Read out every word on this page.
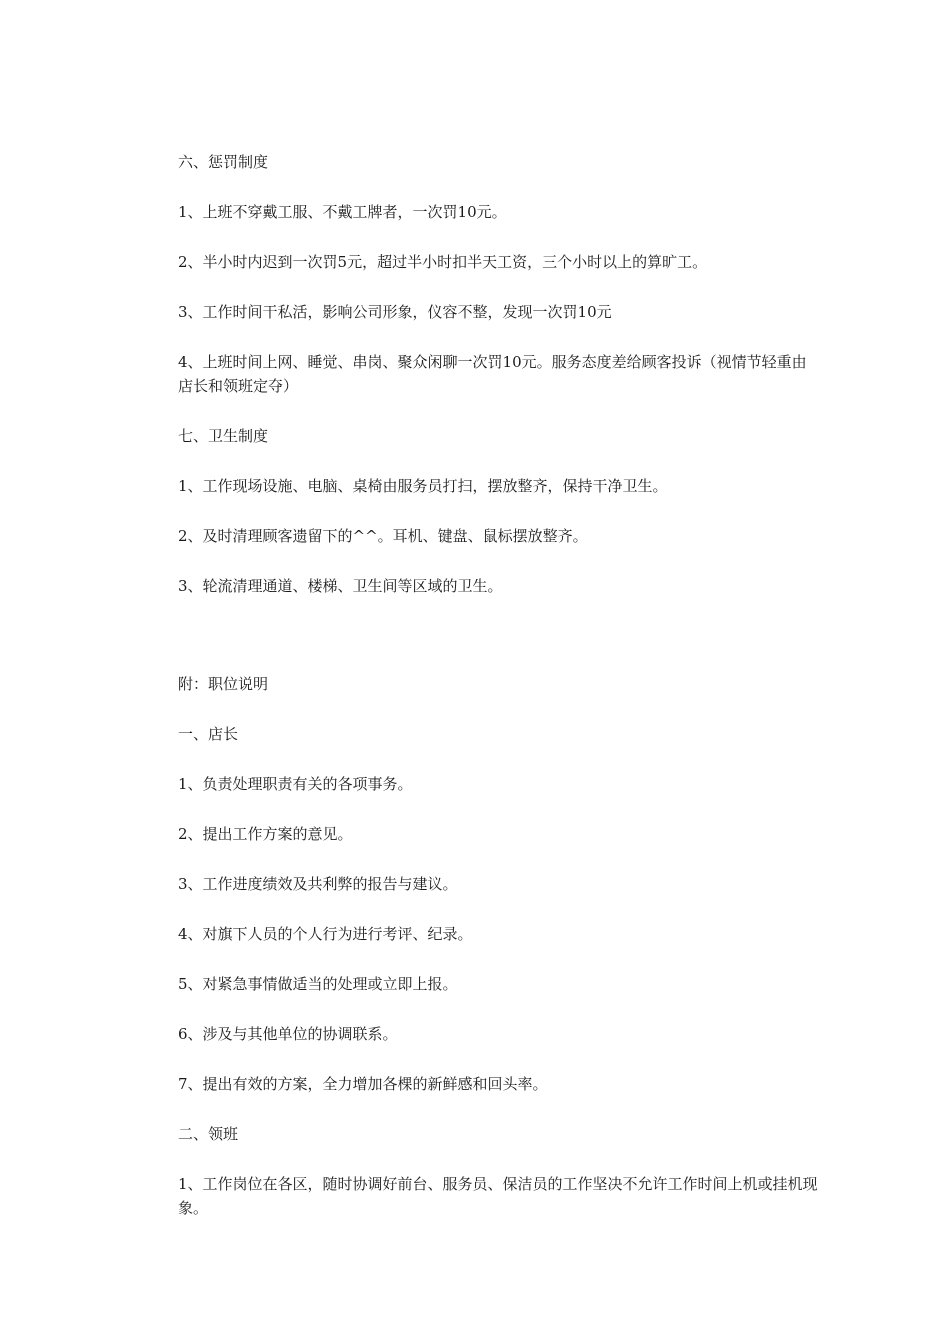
六、惩罚制度

1、上班不穿戴工服、不戴工牌者，一次罚10元。

2、半小时内迟到一次罚5元，超过半小时扣半天工资，三个小时以上的算旷工。

3、工作时间干私活，影响公司形象，仪容不整，发现一次罚10元

4、上班时间上网、睡觉、串岗、聚众闲聊一次罚10元。服务态度差给顾客投诉（视情节轻重由店长和领班定夺）

七、卫生制度

1、工作现场设施、电脑、桌椅由服务员打扫，摆放整齐，保持干净卫生。

2、及时清理顾客遗留下的^^。耳机、键盘、鼠标摆放整齐。

3、轮流清理通道、楼梯、卫生间等区域的卫生。

附：职位说明

一、店长

1、负责处理职责有关的各项事务。

2、提出工作方案的意见。

3、工作进度绩效及共利弊的报告与建议。

4、对旗下人员的个人行为进行考评、纪录。

5、对紧急事情做适当的处理或立即上报。

6、涉及与其他单位的协调联系。

7、提出有效的方案，全力增加各棵的新鲜感和回头率。

二、领班

1、工作岗位在各区，随时协调好前台、服务员、保洁员的工作坚决不允许工作时间上机或挂机现象。
